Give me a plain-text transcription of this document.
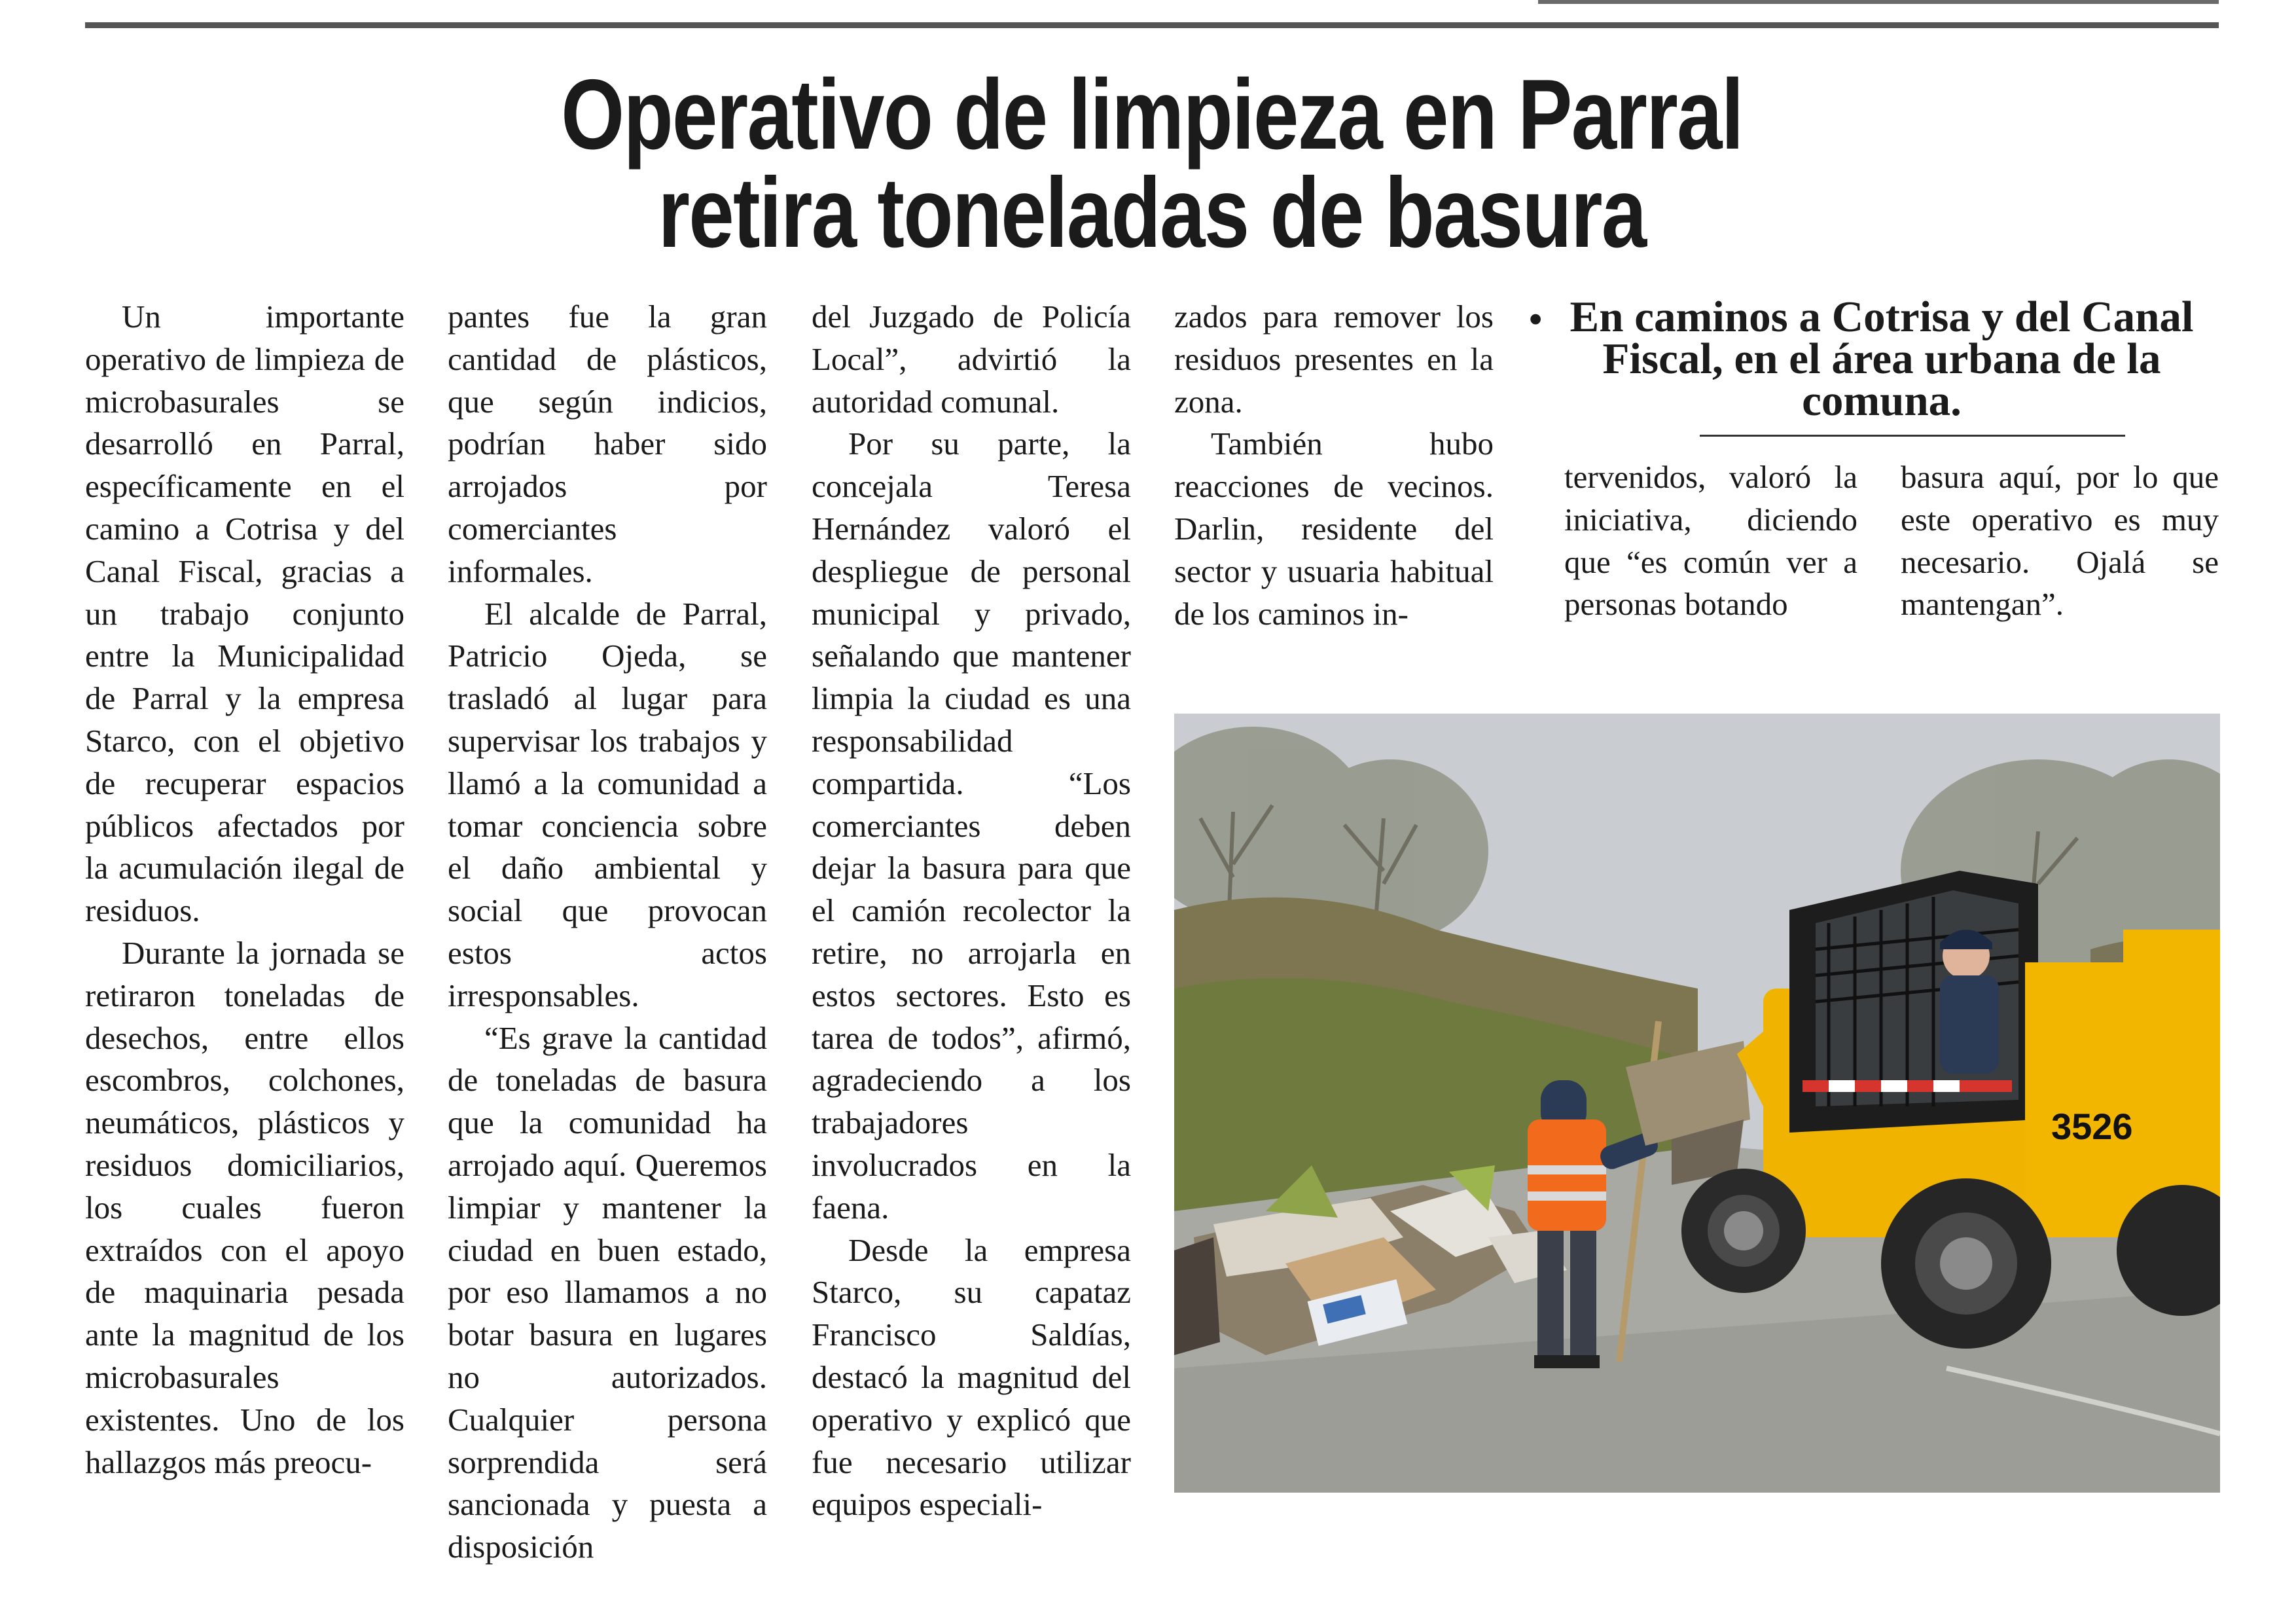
Operativo de limpieza en Parral
retira toneladas de basura

Un importante operativo de limpieza de microbasurales se desarrolló en Parral, específicamente en el camino a Cotrisa y del Canal Fiscal, gracias a un trabajo conjunto entre la Municipalidad de Parral y la empresa Starco, con el objetivo de recuperar espacios públicos afectados por la acumulación ilegal de residuos.

Durante la jornada se retiraron toneladas de desechos, entre ellos escombros, colchones, neumáticos, plásticos y residuos domiciliarios, los cuales fueron extraídos con el apoyo de maquinaria pesada ante la magnitud de los microbasurales existentes. Uno de los hallazgos más preocu-

pantes fue la gran cantidad de plásticos, que según indicios, podrían haber sido arrojados por comerciantes informales.

El alcalde de Parral, Patricio Ojeda, se trasladó al lugar para supervisar los trabajos y llamó a la comunidad a tomar conciencia sobre el daño ambiental y social que provocan estos actos irresponsables.

“Es grave la cantidad de toneladas de basura que la comunidad ha arrojado aquí. Queremos limpiar y mantener la ciudad en buen estado, por eso llamamos a no botar basura en lugares no autorizados. Cualquier persona sorprendida será sancionada y puesta a disposición

del Juzgado de Policía Local”, advirtió la autoridad comunal.

Por su parte, la concejala Teresa Hernández valoró el despliegue de personal municipal y privado, señalando que mantener limpia la ciudad es una responsabilidad compartida. “Los comerciantes deben dejar la basura para que el camión recolector la retire, no arrojarla en estos sectores. Esto es tarea de todos”, afirmó, agradeciendo a los trabajadores involucrados en la faena.

Desde la empresa Starco, su capataz Francisco Saldías, destacó la magnitud del operativo y explicó que fue necesario utilizar equipos especiali-

zados para remover los residuos presentes en la zona.

También hubo reacciones de vecinos. Darlin, residente del sector y usuaria habitual de los caminos in-

• En caminos a Cotrisa y del Canal Fiscal, en el área urbana de la comuna.

tervenidos, valoró la iniciativa, diciendo que “es común ver a personas botando

basura aquí, por lo que este operativo es muy necesario. Ojalá se mantengan”.

3526
